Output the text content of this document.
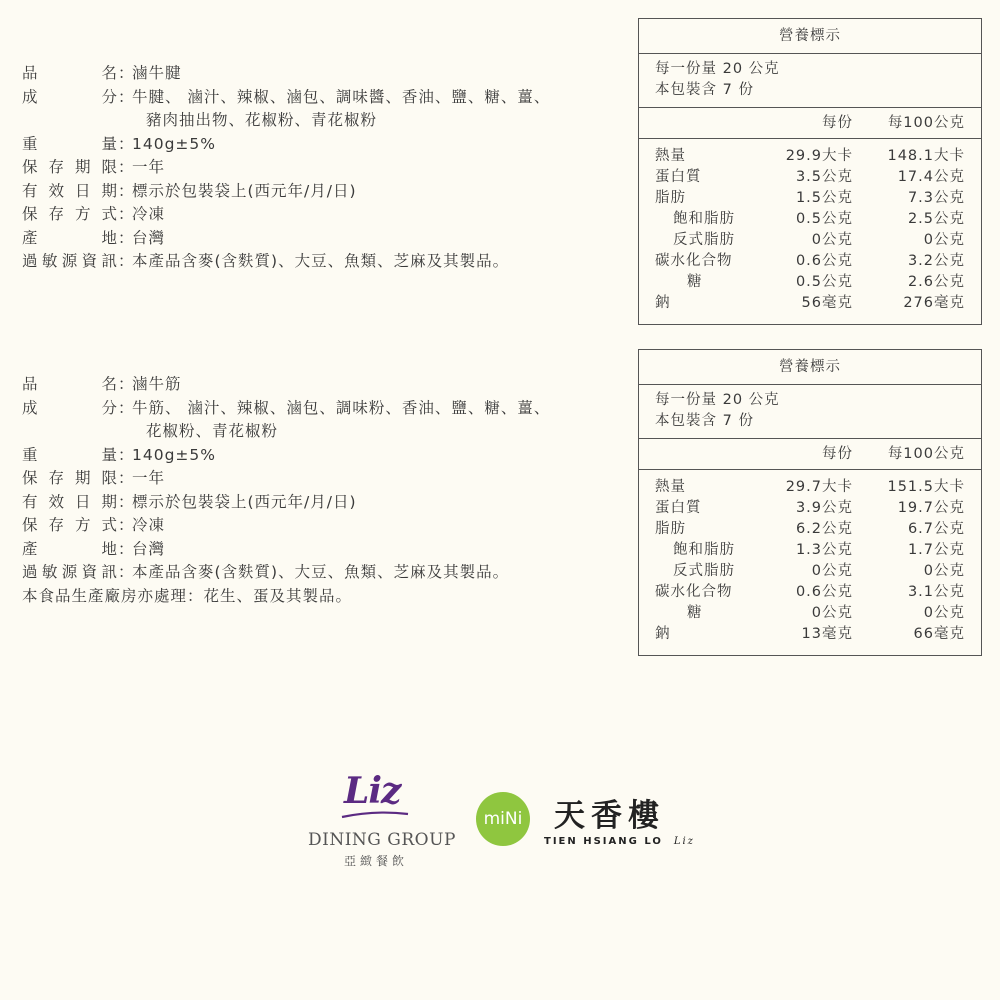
品	名 ：
滷牛腱
成	分 ：
牛腱、 滷汁、辣椒、滷包、調味醬、香油、鹽、糖、薑、
豬肉抽出物、花椒粉、青花椒粉
重	量 ：
140g±5%
保 存 期 限 ：
一年
有 效 日 期 ：
標示於包裝袋上(西元年/月/日)
保 存 方 式 ：
冷凍
產	地 ：
台灣
過 敏 源 資 訊 ：
本產品含麥(含麩質)、大豆、魚類、芝麻及其製品。
營養標示
每一份量 20 公克
本包裝含 7 份
每份 每100公克
熱量	29.9大卡 148.1大卡
蛋白質	3.5公克	17.4公克
脂肪	1.5公克	7.3公克
飽和脂肪	0.5公克	2.5公克
反式脂肪	0公克	0公克
碳水化合物	0.6公克	3.2公克
糖	0.5公克	2.6公克
鈉	56毫克	276毫克
品	名 ：
滷牛筋
成	分 ：
牛筋、 滷汁、辣椒、滷包、調味粉、香油、鹽、糖、薑、
花椒粉、青花椒粉
重	量 ：
140g±5%
保 存 期 限 ：
一年
有 效 日 期 ：
標示於包裝袋上(西元年/月/日)
保 存 方 式 ：
冷凍
產	地 ：
台灣
過 敏 源 資 訊 ：
本產品含麥(含麩質)、大豆、魚類、芝麻及其製品。
本食品生產廠房亦處理：花生、蛋及其製品。
營養標示
每一份量 20 公克
本包裝含 7 份
每份 每100公克
熱量	29.7大卡 151.5大卡
蛋白質	3.9公克	19.7公克
脂肪	6.2公克	6.7公克
飽和脂肪	1.3公克	1.7公克
反式脂肪	0公克	0公克
碳水化合物	0.6公克	3.1公克
糖	0公克	0公克
鈉	13毫克	66毫克
Liz
DINING GROUP
亞緻餐飲
miNi 天香樓
TIEN HSIANG LO Liz
